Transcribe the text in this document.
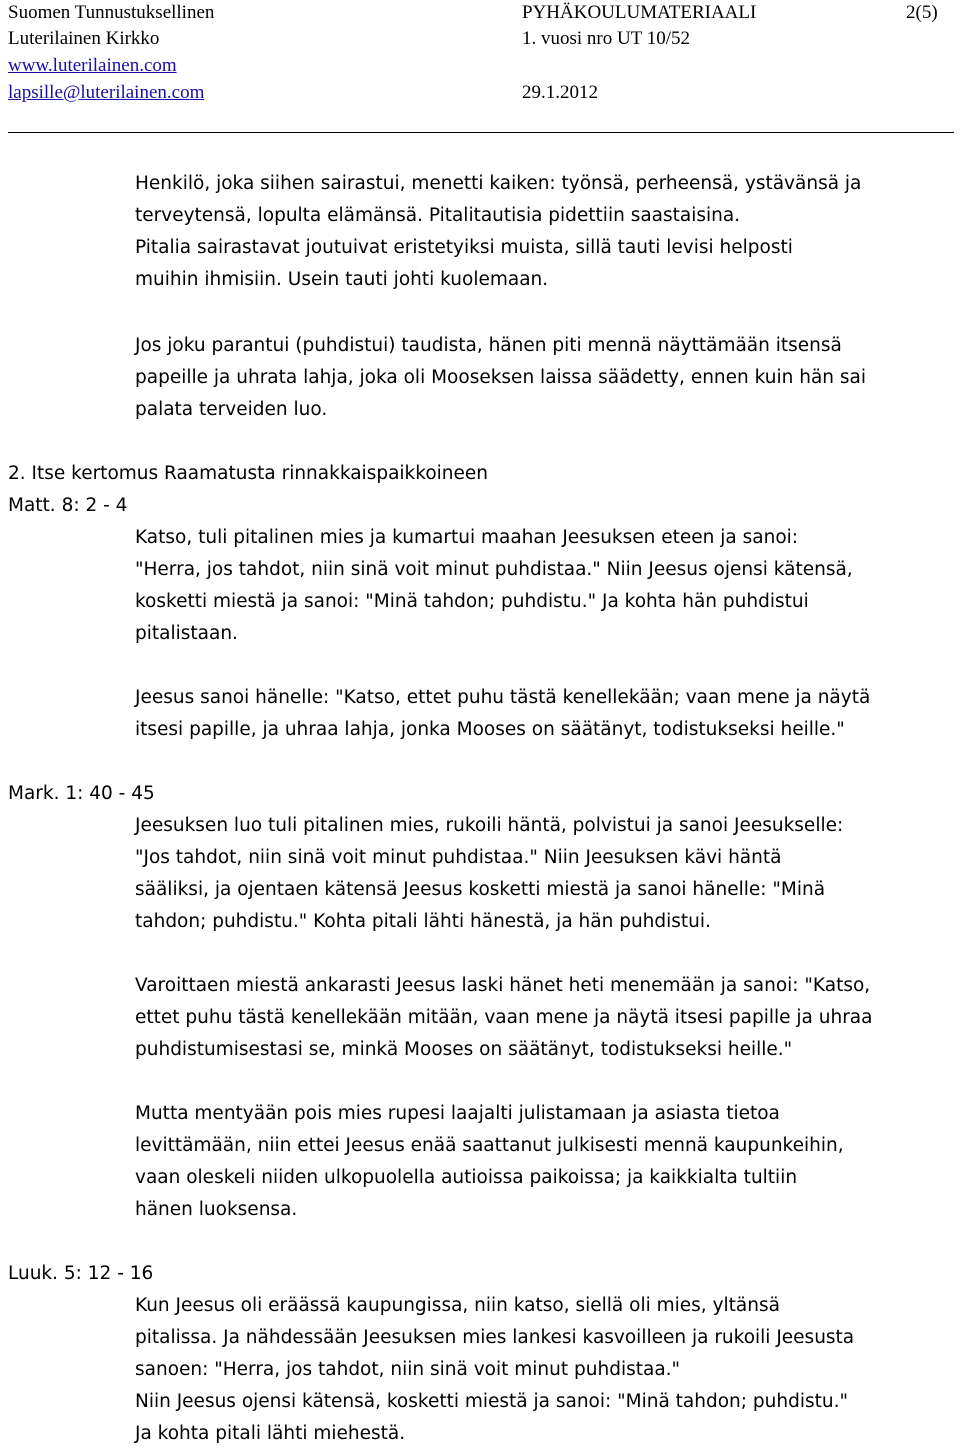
Suomen Tunnustuksellinen
Luterilainen Kirkko
www.luterilainen.com
lapsille@luterilainen.com
PYHÄKOULUMATERIAALI
1. vuosi nro UT 10/52
29.1.2012
2(5)
Henkilö, joka siihen sairastui, menetti kaiken: työnsä, perheensä, ystävänsä ja
terveytensä, lopulta elämänsä. Pitalitautisia pidettiin saastaisina.
Pitalia sairastavat joutuivat eristetyiksi muista, sillä tauti levisi helposti
muihin ihmisiin. Usein tauti johti kuolemaan.
Jos joku parantui (puhdistui) taudista, hänen piti mennä näyttämään itsensä
papeille ja uhrata lahja, joka oli Mooseksen laissa säädetty, ennen kuin hän sai
palata terveiden luo.
2. Itse kertomus Raamatusta rinnakkaispaikkoineen
Matt. 8: 2 - 4
Katso, tuli pitalinen mies ja kumartui maahan Jeesuksen eteen ja sanoi:
"Herra, jos tahdot, niin sinä voit minut puhdistaa." Niin Jeesus ojensi kätensä,
kosketti miestä ja sanoi: "Minä tahdon; puhdistu." Ja kohta hän puhdistui
pitalistaan.
Jeesus sanoi hänelle: "Katso, ettet puhu tästä kenellekään; vaan mene ja näytä
itsesi papille, ja uhraa lahja, jonka Mooses on säätänyt, todistukseksi heille."
Mark. 1: 40 - 45
Jeesuksen luo tuli pitalinen mies, rukoili häntä, polvistui ja sanoi Jeesukselle:
"Jos tahdot, niin sinä voit minut puhdistaa." Niin Jeesuksen kävi häntä
sääliksi, ja ojentaen kätensä Jeesus kosketti miestä ja sanoi hänelle: "Minä
tahdon; puhdistu." Kohta pitali lähti hänestä, ja hän puhdistui.
Varoittaen miestä ankarasti Jeesus laski hänet heti menemään ja sanoi: "Katso,
ettet puhu tästä kenellekään mitään, vaan mene ja näytä itsesi papille ja uhraa
puhdistumisestasi se, minkä Mooses on säätänyt, todistukseksi heille."
Mutta mentyään pois mies rupesi laajalti julistamaan ja asiasta tietoa
levittämään, niin ettei Jeesus enää saattanut julkisesti mennä kaupunkeihin,
vaan oleskeli niiden ulkopuolella autioissa paikoissa; ja kaikkialta tultiin
hänen luoksensa.
Luuk. 5: 12 - 16
Kun Jeesus oli eräässä kaupungissa, niin katso, siellä oli mies, yltänsä
pitalissa. Ja nähdessään Jeesuksen mies lankesi kasvoilleen ja rukoili Jeesusta
sanoen: "Herra, jos tahdot, niin sinä voit minut puhdistaa."
Niin Jeesus ojensi kätensä, kosketti miestä ja sanoi: "Minä tahdon; puhdistu."
Ja kohta pitali lähti miehestä.
